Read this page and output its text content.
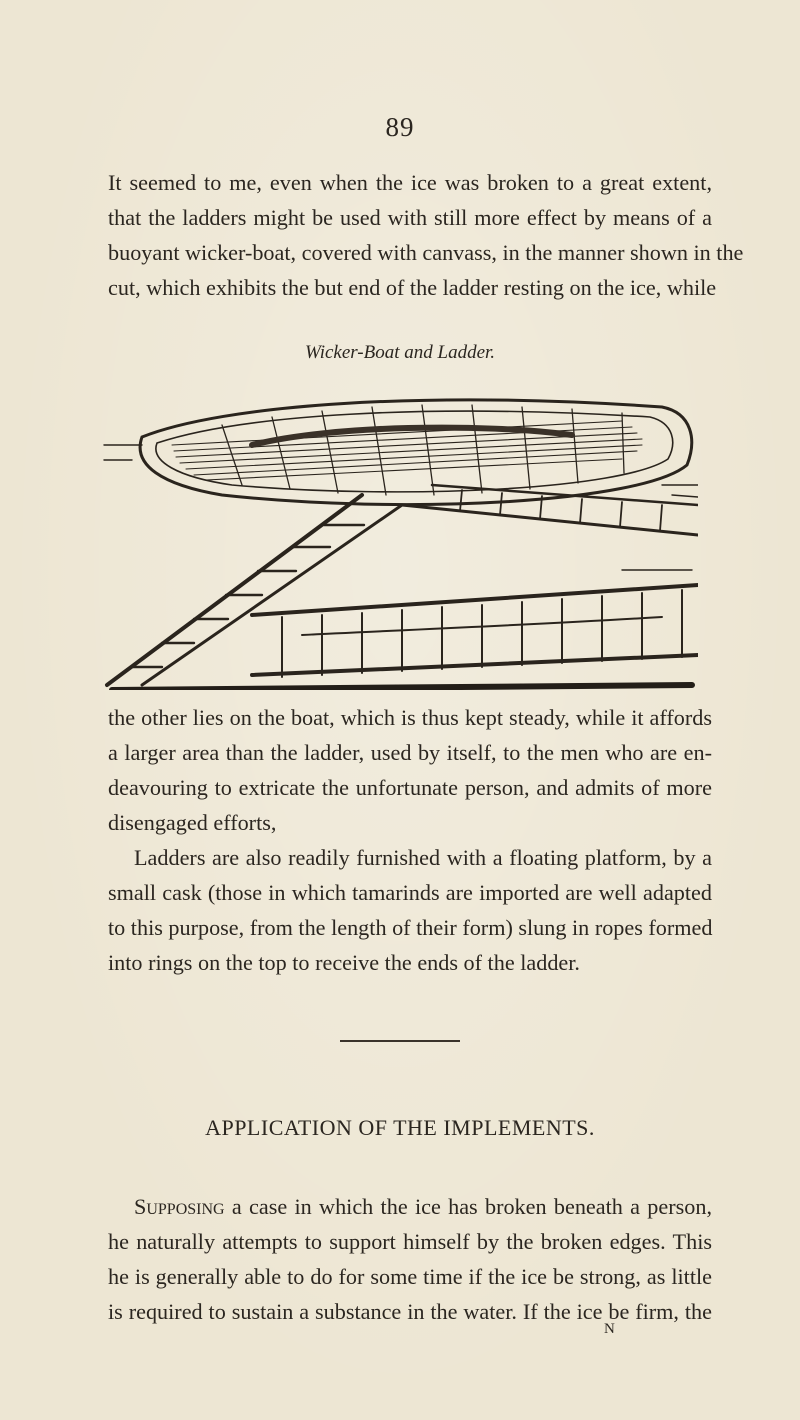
89

It seemed to me, even when the ice was broken to a great extent,
that the ladders might be used with still more effect by means of a
buoyant wicker-boat, covered with canvass, in the manner shown in the
cut, which exhibits the but end of the ladder resting on the ice, while

Wicker-Boat and Ladder.

the other lies on the boat, which is thus kept steady, while it affords
a larger area than the ladder, used by itself, to the men who are en-
deavouring to extricate the unfortunate person, and admits of more
disengaged efforts,

Ladders are also readily furnished with a floating platform, by a
small cask (those in which tamarinds are imported are well adapted
to this purpose, from the length of their form) slung in ropes formed
into rings on the top to receive the ends of the ladder.

APPLICATION OF THE IMPLEMENTS.

Supposing a case in which the ice has broken beneath a person,
he naturally attempts to support himself by the broken edges. This
he is generally able to do for some time if the ice be strong, as little
is required to sustain a substance in the water. If the ice be firm, the

N
